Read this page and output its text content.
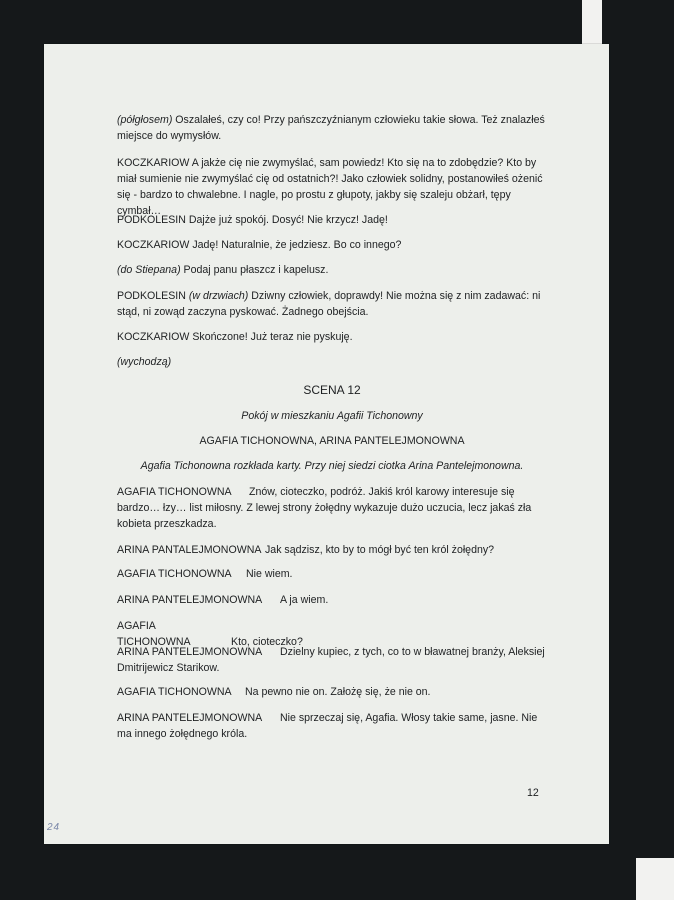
(półgłosem) Oszalałeś, czy co! Przy pańszczyźnianym człowieku takie słowa. Też znalazłeś miejsce do wymysłów.

KOCZKARIOW A jakże cię nie zwymyślać, sam powiedz! Kto się na to zdobędzie? Kto by miał sumienie nie zwymyślać cię od ostatnich?! Jako człowiek solidny, postanowiłeś ożenić się - bardzo to chwalebne. I nagle, po prostu z głupoty, jakby się szaleju obżarł, tępy cymbał…

PODKOLESIN Dajże już spokój. Dosyć! Nie krzycz! Jadę!

KOCZKARIOW Jadę! Naturalnie, że jedziesz. Bo co innego?

(do Stiepana) Podaj panu płaszcz i kapelusz.

PODKOLESIN (w drzwiach) Dziwny człowiek, doprawdy! Nie można się z nim zadawać: ni stąd, ni zowąd zaczyna pyskować. Żadnego obejścia.

KOCZKARIOW Skończone! Już teraz nie pyskuję.

(wychodzą)

SCENA 12
Pokój w mieszkaniu Agafii Tichonowny
AGAFIA TICHONOWNA, ARINA PANTELEJMONOWNA
Agafia Tichonowna rozkłada karty. Przy niej siedzi ciotka Arina Pantelejmonowna.

AGAFIA TICHONOWNA Znów, cioteczko, podróż. Jakiś król karowy interesuje się bardzo… łzy… list miłosny. Z lewej strony żołędny wykazuje dużo uczucia, lecz jakaś zła kobieta przeszkadza.

ARINA PANTALEJMONOWNA Jak sądzisz, kto by to mógł być ten król żołędny?

AGAFIA TICHONOWNA Nie wiem.

ARINA PANTELEJMONOWNA A ja wiem.

AGAFIA TICHONOWNA	Kto, cioteczko?

ARINA PANTELEJMONOWNA Dzielny kupiec, z tych, co to w bławatnej branży, Aleksiej Dmitrijewicz Starikow.

AGAFIA TICHONOWNA Na pewno nie on. Założę się, że nie on.

ARINA PANTELEJMONOWNA Nie sprzeczaj się, Agafia. Włosy takie same, jasne. Nie ma innego żołędnego króla.

12
24
